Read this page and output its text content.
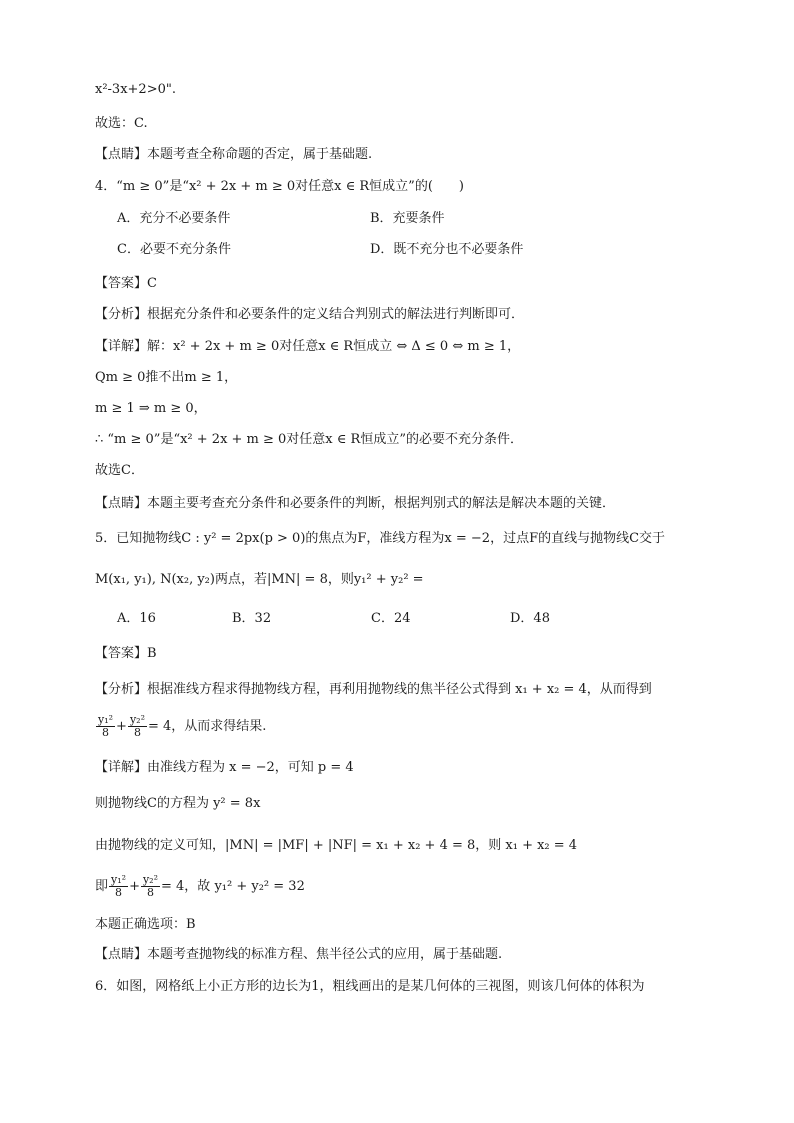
x²-3x+2>0".
故选：C.
【点睛】本题考查全称命题的否定，属于基础题.
4．“m ≥ 0”是“x² + 2x + m ≥ 0对任意x ∈ R恒成立”的(　　)
A．充分不必要条件	B．充要条件
C．必要不充分条件	D．既不充分也不必要条件
【答案】C
【分析】根据充分条件和必要条件的定义结合判别式的解法进行判断即可．
【详解】解：x² + 2x + m ≥ 0对任意x ∈ R恒成立 ⇔ Δ ≤ 0 ⇔ m ≥ 1，
Qm ≥ 0推不出m ≥ 1，
m ≥ 1 ⇒ m ≥ 0，
∴ “m ≥ 0”是“x² + 2x + m ≥ 0对任意x ∈ R恒成立”的必要不充分条件．
故选C．
【点睛】本题主要考查充分条件和必要条件的判断，根据判别式的解法是解决本题的关键．
5．已知抛物线C : y² = 2px(p > 0)的焦点为F，准线方程为x = −2，过点F的直线与抛物线C交于
M(x₁, y₁), N(x₂, y₂)两点，若|MN| = 8，则y₁² + y₂² =
A．16	B．32	C．24	D．48
【答案】B
【分析】根据准线方程求得抛物线方程，再利用抛物线的焦半径公式得到 x₁ + x₂ = 4，从而得到
$\frac{\text{y₁²}}{8} + \frac{\text{y₂²}}{8} = 4$，从而求得结果.
【详解】由准线方程为 x = −2，可知 p = 4
则抛物线C的方程为 y² = 8x
由抛物线的定义可知，|MN| = |MF| + |NF| = x₁ + x₂ + 4 = 8，则 x₁ + x₂ = 4
即 $\frac{\text{y₁²}}{8} + \frac{\text{y₂²}}{8} = 4$，故 y₁² + y₂² = 32
本题正确选项：B
【点睛】本题考查抛物线的标准方程、焦半径公式的应用，属于基础题.
6．如图，网格纸上小正方形的边长为1，粗线画出的是某几何体的三视图，则该几何体的体积为
